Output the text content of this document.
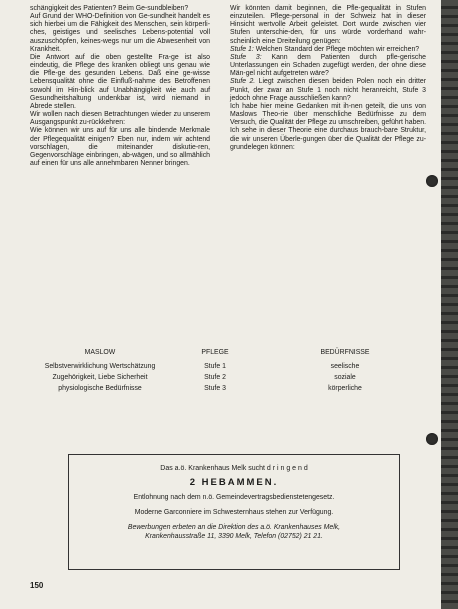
schängigkeit des Patienten? Beim Ge-sundbleiben?

Auf Grund der WHO-Definition von Ge-sundheit handelt es sich hierbei um die Fähigkeit des Menschen, sein körperli-ches, geistiges und seelisches Lebens-potential voll auszuschöpfen, keines-wegs nur um die Abwesenheit von Krankheit.

Die Antwort auf die oben gestellte Fra-ge ist also eindeutig, die Pflege des kranken obliegt uns genau wie die Pfle-ge des gesunden Lebens. Daß eine ge-wisse Lebensqualität ohne die Einfluß-nahme des Betroffenen sowohl im Hin-blick auf Unabhängigkeit wie auch auf Gesundheitshaltung undenkbar ist, wird niemand in Abrede stellen.

Wir wollen nach diesen Betrachtungen wieder zu unserem Ausgangspunkt zu-rückkehren:

Wie können wir uns auf für uns alle bindende Merkmale der Pflegequalität einigen? Eben nur, indem wir achtend vorschlagen, die miteinander diskutie-ren, Gegenvorschläge einbringen, ab-wägen, und so allmählich auf einen für uns alle annehmbaren Nenner bringen.

Wir könnten damit beginnen, die Pfle-gequalität in Stufen einzuteilen. Pflege-personal in der Schweiz hat in dieser Hinsicht wertvolle Arbeit geleistet. Dort wurde zwischen vier Stufen unterschie-den, für uns würde vorderhand wahr-scheinlich eine Dreiteilung genügen:

Stufe 1: Welchen Standard der Pflege möchten wir erreichen?

Stufe 3: Kann dem Patienten durch pfle-gerische Unterlassungen ein Schaden zugefügt werden, der ohne diese Män-gel nicht aufgetreten wäre?

Stufe 2. Liegt zwischen diesen beiden Polen noch ein dritter Punkt, der zwar an Stufe 1 noch nicht heranreicht, Stufe 3 jedoch ohne Frage ausschließen kann?

Ich habe hier meine Gedanken mit ih-nen geteilt, die uns von Maslows Theo-rie über menschliche Bedürfnisse zu dem Versuch, die Qualität der Pflege zu umschreiben, geführt haben. Ich sehe in dieser Theorie eine durchaus brauch-bare Struktur, die wir unseren Überle-gungen über die Qualität der Pflege zu-grundelegen können:

MASLOW	PFLEGE	BEDÜRFNISSE
Selbstverwirklichung Wertschätzung	Stufe 1	seelische
Zugehörigkeit, Liebe Sicherheit	Stufe 2	soziale
physiologische Bedürfnisse	Stufe 3	körperliche
Das a.ö. Krankenhaus Melk sucht d r i n g e n d
2 HEBAMMEN.
Entlohnung nach dem n.ö. Gemeindevertragsbedienstetengesetz.
Moderne Garconniere im Schwesternhaus stehen zur Verfügung.
Bewerbungen erbeten an die Direktion des a.ö. Krankenhauses Melk,
Krankenhausstraße 11, 3390 Melk, Telefon (02752) 21 21.
150
